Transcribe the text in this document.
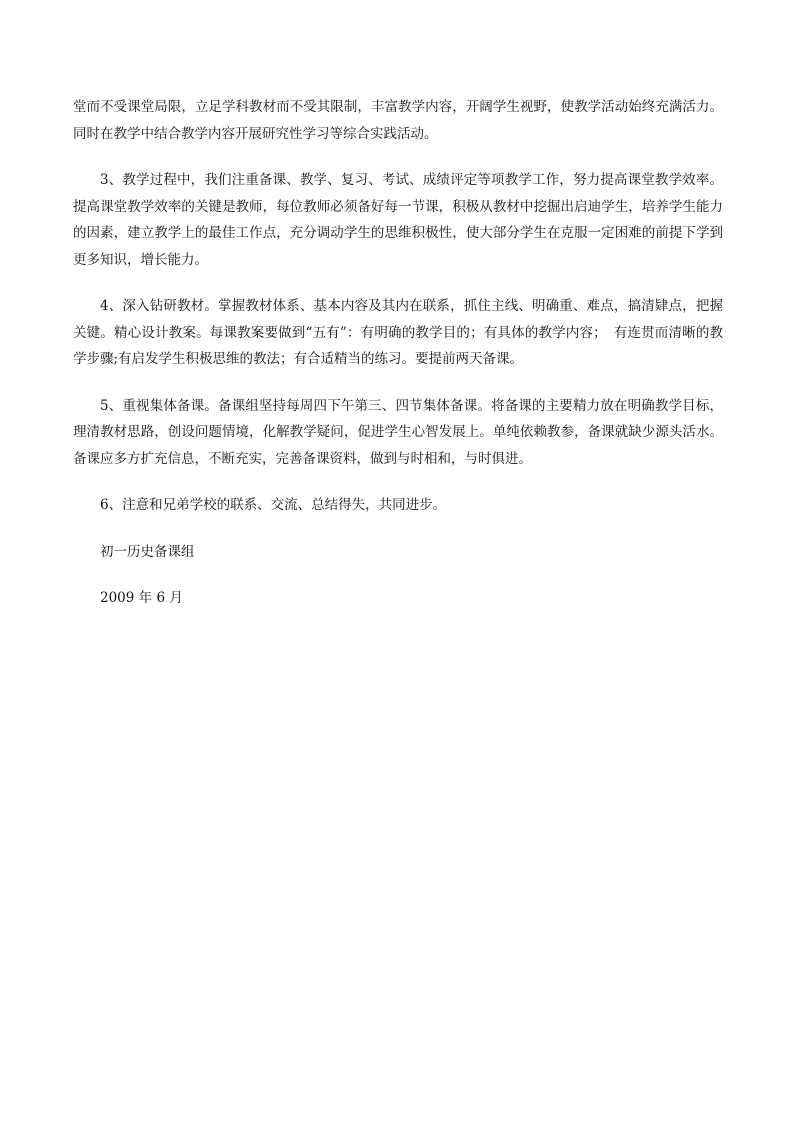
堂而不受课堂局限，立足学科教材而不受其限制，丰富教学内容，开阔学生视野，使教学活动始终充满活力。同时在教学中结合教学内容开展研究性学习等综合实践活动。

3、教学过程中，我们注重备课、教学、复习、考试、成绩评定等项教学工作，努力提高课堂教学效率。提高课堂教学效率的关键是教师，每位教师必须备好每一节课，积极从教材中挖掘出启迪学生，培养学生能力的因素，建立教学上的最佳工作点，充分调动学生的思维积极性，使大部分学生在克服一定困难的前提下学到更多知识，增长能力。

4、深入钻研教材。掌握教材体系、基本内容及其内在联系，抓住主线、明确重、难点，搞清肄点，把握关键。精心设计教案。每课教案要做到“五有”：有明确的教学目的；有具体的教学内容；　有连贯而清晰的教学步骤;有启发学生积极思维的教法；有合适精当的练习。要提前两天备课。

5、重视集体备课。备课组坚持每周四下午第三、四节集体备课。将备课的主要精力放在明确教学目标，理清教材思路，创设问题情境，化解教学疑问，促进学生心智发展上。单纯依赖教参，备课就缺少源头活水。备课应多方扩充信息，不断充实，完善备课资料，做到与时相和，与时俱进。

6、注意和兄弟学校的联系、交流、总结得失，共同进步。

初一历史备课组

2009 年 6 月
